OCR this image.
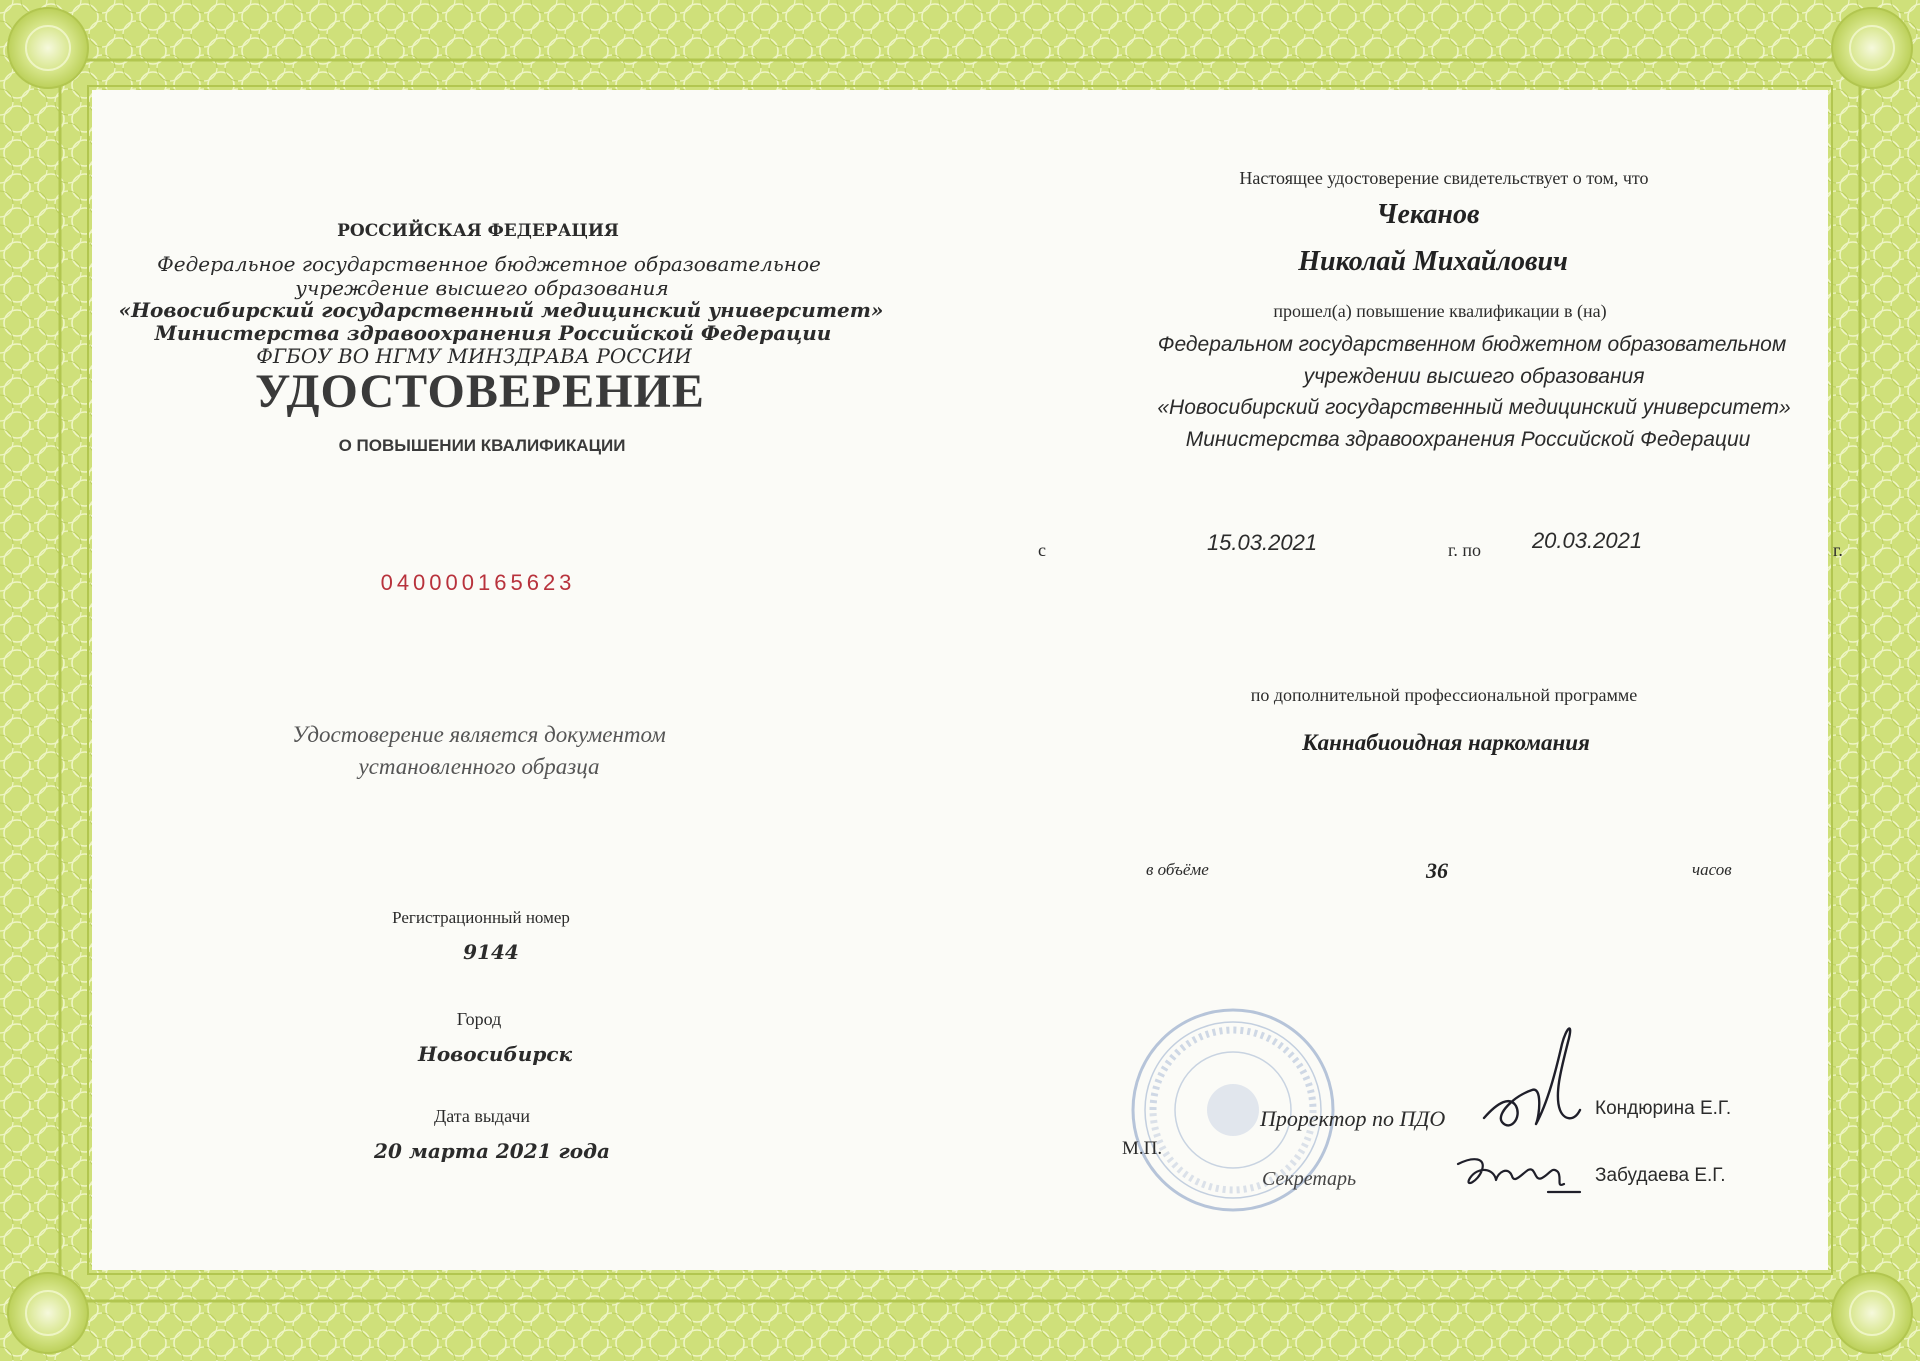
РОССИЙСКАЯ ФЕДЕРАЦИЯ
Федеральное государственное бюджетное образовательное
учреждение высшего образования
«Новосибирский государственный медицинский университет»
Министерства здравоохранения Российской Федерации
ФГБОУ ВО НГМУ МИНЗДРАВА РОССИИ
УДОСТОВЕРЕНИЕ
О ПОВЫШЕНИИ КВАЛИФИКАЦИИ
040000165623
Удостоверение является документом
установленного образца
Регистрационный номер
9144
Город
Новосибирск
Дата выдачи
20 марта 2021 года
Настоящее удостоверение свидетельствует о том, что
Чеканов
Николай Михайлович
прошел(а) повышение квалификации в (на)
Федеральном государственном бюджетном образовательном
учреждении высшего образования
«Новосибирский государственный медицинский университет»
Министерства здравоохранения Российской Федерации
с	15.03.2021	г. по 20.03.2021	г.
по дополнительной профессиональной программе
Каннабиоидная наркомания
в объёме	36	часов
М.П.
Проректор по ПДО
Секретарь
Кондюрина Е.Г.
Забудаева Е.Г.
